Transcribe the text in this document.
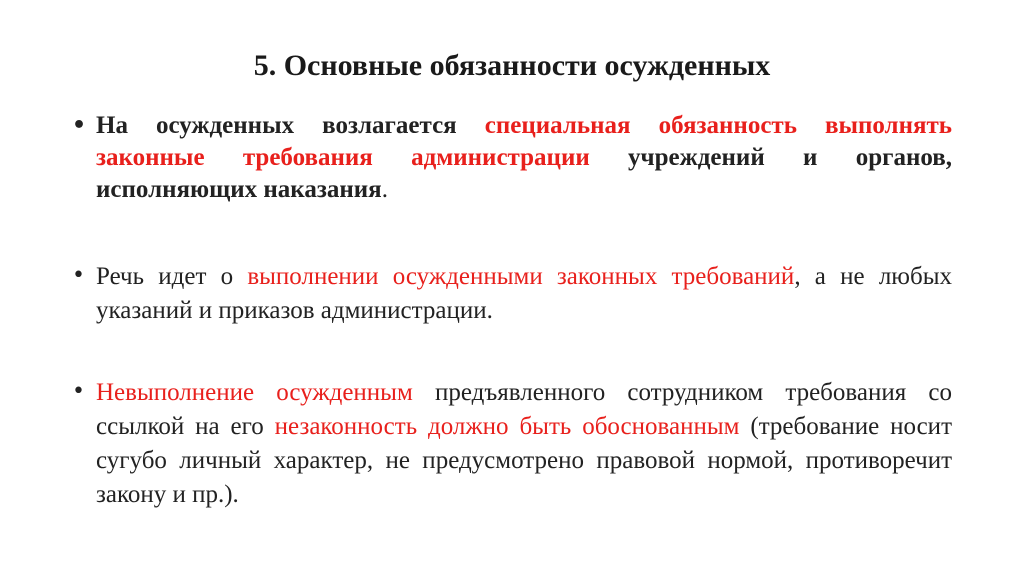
5. Основные обязанности осужденных
• На осужденных возлагается специальная обязанность выполнять законные требования администрации учреждений и органов, исполняющих наказания.
• Речь идет о выполнении осужденными законных требований, а не любых указаний и приказов администрации.
• Невыполнение осужденным предъявленного сотрудником требования со ссылкой на его незаконность должно быть обоснованным (требование носит сугубо личный характер, не предусмотрено правовой нормой, противоречит закону и пр.).
